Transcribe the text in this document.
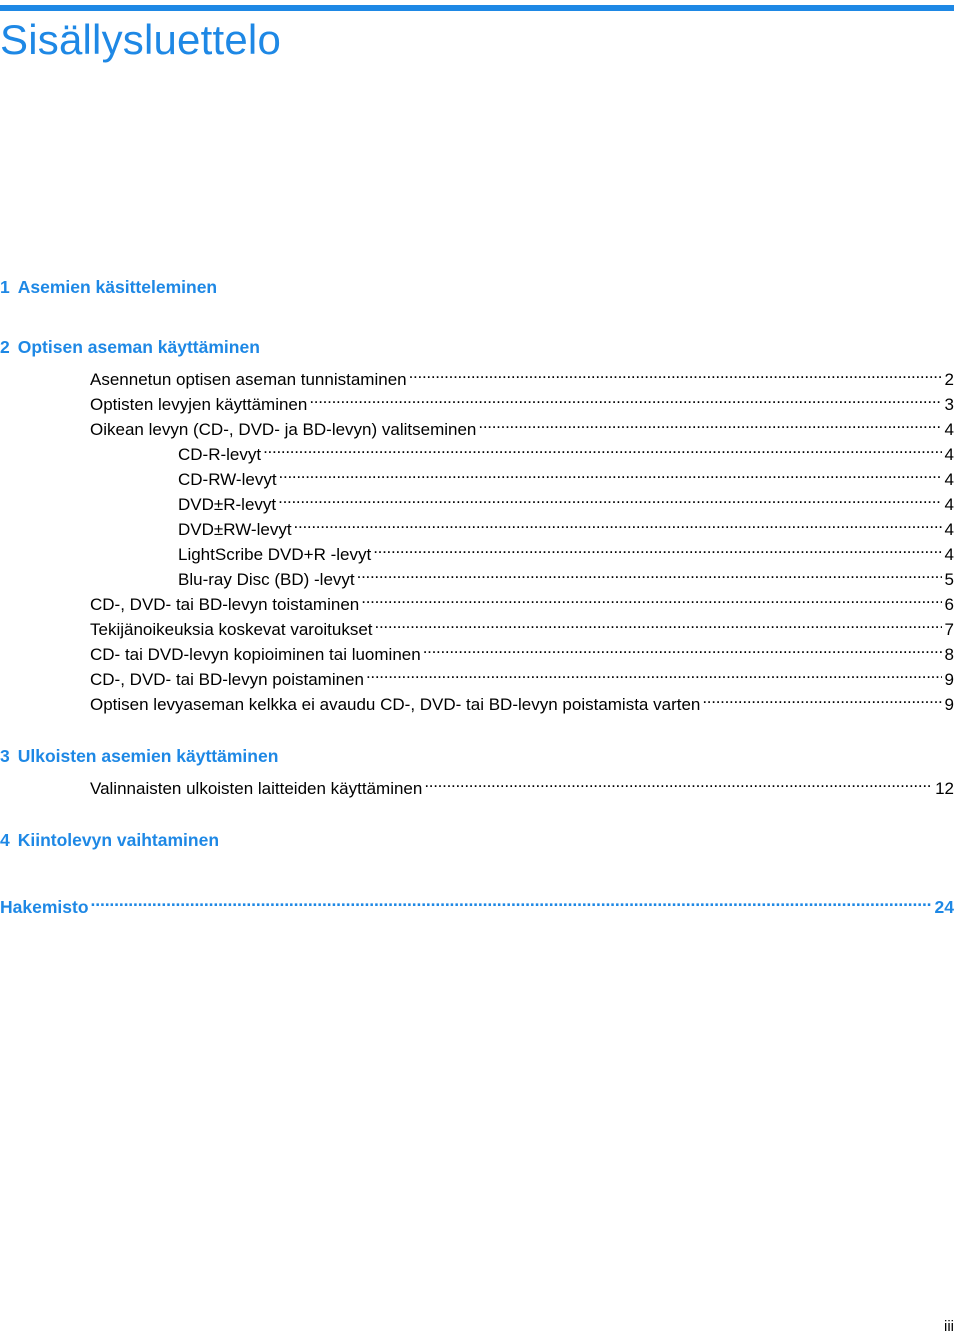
Sisällysluettelo
1 Asemien käsitteleminen
2 Optisen aseman käyttäminen
Asennetun optisen aseman tunnistaminen . . .	2
Optisten levyjen käyttäminen . . .	3
Oikean levyn (CD-, DVD- ja BD-levyn) valitseminen . . .	4
CD-R-levyt . . .	4
CD-RW-levyt . . .	4
DVD±R-levyt . . .	4
DVD±RW-levyt . . .	4
LightScribe DVD+R -levyt . . .	4
Blu-ray Disc (BD) -levyt . . .	5
CD-, DVD- tai BD-levyn toistaminen . . .	6
Tekijänoikeuksia koskevat varoitukset . . .	7
CD- tai DVD-levyn kopioiminen tai luominen . . .	8
CD-, DVD- tai BD-levyn poistaminen . . .	9
Optisen levyaseman kelkka ei avaudu CD-, DVD- tai BD-levyn poistamista varten . . .	9
3 Ulkoisten asemien käyttäminen
Valinnaisten ulkoisten laitteiden käyttäminen . . .	12
4 Kiintolevyn vaihtaminen
Hakemisto . . .	24
iii
